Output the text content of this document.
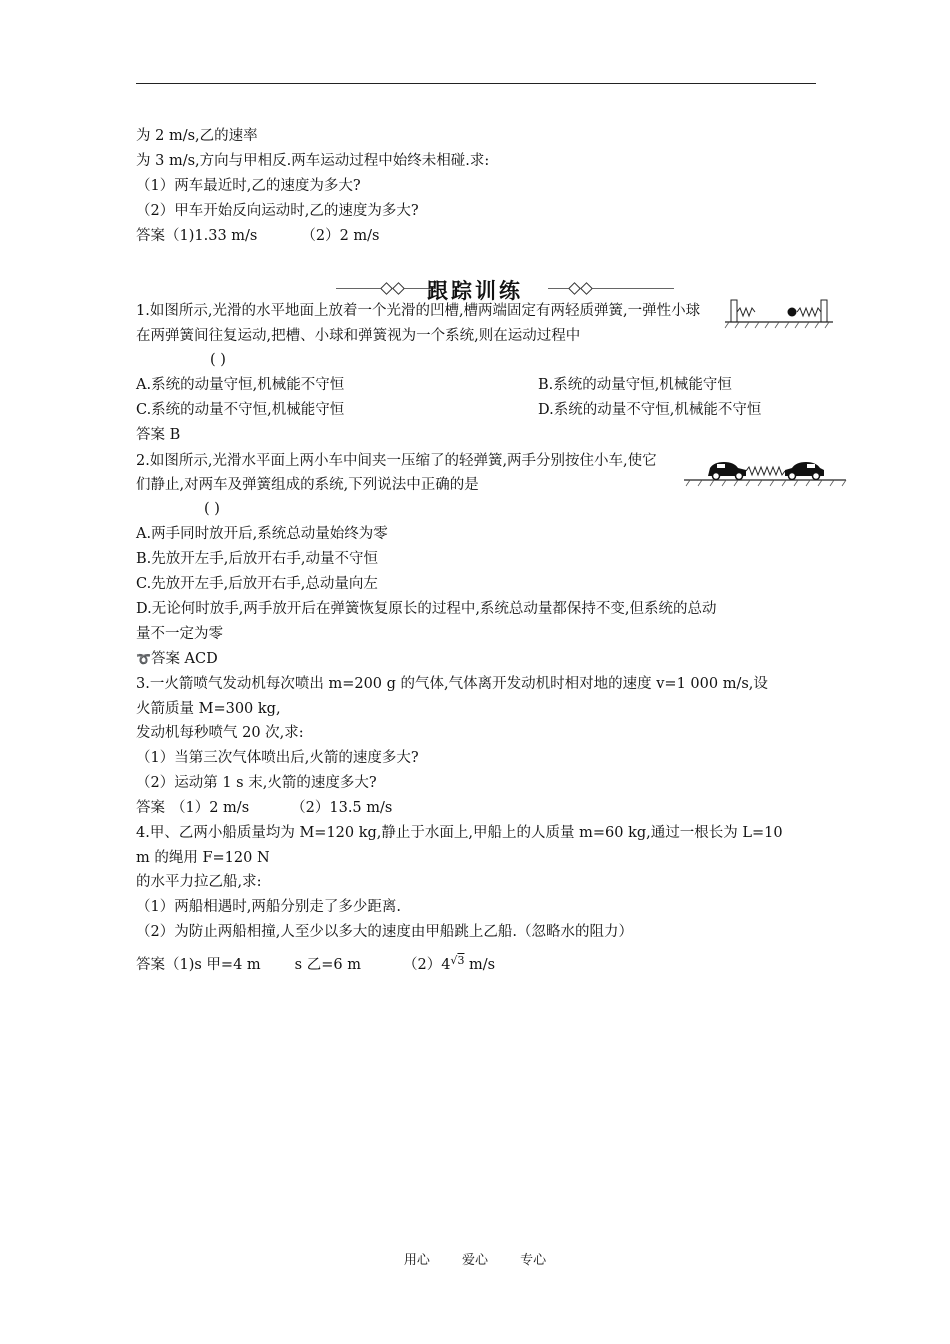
为 2 m/s,乙的速率
为 3 m/s,方向与甲相反.两车运动过程中始终未相碰.求:
（1）两车最近时,乙的速度为多大?
（2）甲车开始反向运动时,乙的速度为多大?
答案（1)1.33 m/s	（2）2 m/s
跟踪训练
1.如图所示,光滑的水平地面上放着一个光滑的凹槽,槽两端固定有两轻质弹簧,一弹性小球
在两弹簧间往复运动,把槽、小球和弹簧视为一个系统,则在运动过程中
( )
A.系统的动量守恒,机械能不守恒	B.系统的动量守恒,机械能守恒
C.系统的动量不守恒,机械能守恒	D.系统的动量不守恒,机械能不守恒
答案 B
2.如图所示,光滑水平面上两小车中间夹一压缩了的轻弹簧,两手分别按住小车,使它
们静止,对两车及弹簧组成的系统,下列说法中正确的是
( )
A.两手同时放开后,系统总动量始终为零
B.先放开左手,后放开右手,动量不守恒
C.先放开左手,后放开右手,总动量向左
D.无论何时放手,两手放开后在弹簧恢复原长的过程中,系统总动量都保持不变,但系统的总动
量不一定为零
➰答案 ACD
3.一火箭喷气发动机每次喷出 m=200 g 的气体,气体离开发动机时相对地的速度 v=1 000 m/s,设
火箭质量 M=300 kg,
发动机每秒喷气 20 次,求:
（1）当第三次气体喷出后,火箭的速度多大?
（2）运动第 1 s 末,火箭的速度多大?
答案 （1）2 m/s	（2）13.5 m/s
4.甲、乙两小船质量均为 M=120 kg,静止于水面上,甲船上的人质量 m=60 kg,通过一根长为 L=10
m 的绳用 F=120 N
的水平力拉乙船,求:
（1）两船相遇时,两船分别走了多少距离.
（2）为防止两船相撞,人至少以多大的速度由甲船跳上乙船.（忽略水的阻力）
答案（1)s 甲=4 m s 乙=6 m	（2）4√3 m/s
用心 爱心 专心
